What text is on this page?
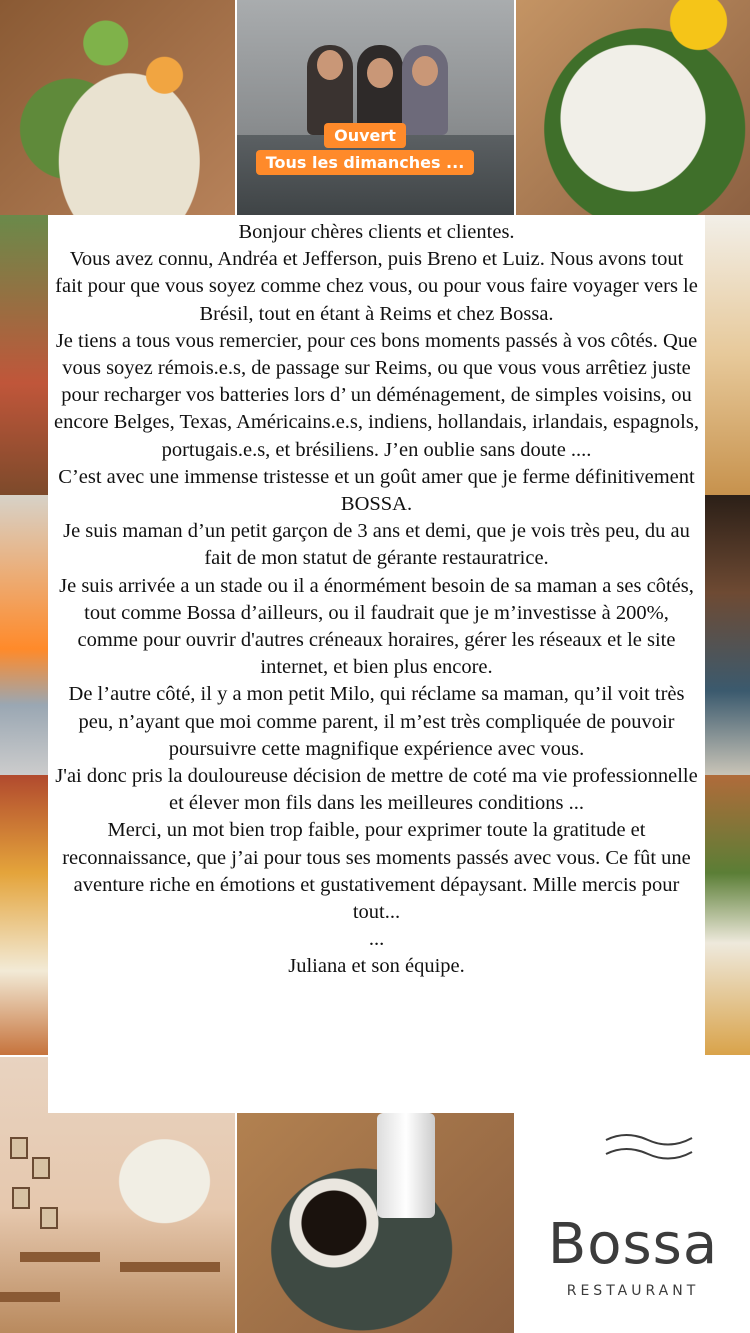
Ouvert
Tous les dimanches ...
Bossa
RESTAURANT

Bonjour chères clients et clientes.

Vous avez connu, Andréa et Jefferson, puis Breno et Luiz. Nous avons tout fait pour que vous soyez comme chez vous, ou pour vous faire voyager vers le Brésil, tout en étant à Reims et chez Bossa.

Je tiens a tous vous remercier, pour ces bons moments passés à vos côtés. Que vous soyez rémois.e.s, de passage sur Reims, ou que vous vous arrêtiez juste pour recharger vos batteries lors d’ un déménagement, de simples voisins, ou encore Belges, Texas, Américains.e.s, indiens, hollandais, irlandais, espagnols, portugais.e.s, et brésiliens. J’en oublie sans doute ....

C’est avec une immense tristesse et un goût amer que je ferme définitivement BOSSA.

Je suis maman d’un petit garçon de 3 ans et demi, que je vois très peu, du au fait de mon statut de gérante restauratrice.

Je suis arrivée a un stade ou il a énormément besoin de sa maman a ses côtés, tout comme Bossa d’ailleurs, ou il faudrait que je m’investisse à 200%, comme pour ouvrir d'autres créneaux horaires, gérer les réseaux et le site internet, et bien plus encore.

De l’autre côté, il y a mon petit Milo, qui réclame sa maman, qu’il voit très peu, n’ayant que moi comme parent, il m’est très compliquée de pouvoir poursuivre cette magnifique expérience avec vous.

J'ai donc pris la douloureuse décision de mettre de coté ma vie professionnelle et élever mon fils dans les meilleures conditions ...

Merci, un mot bien trop faible, pour exprimer toute la gratitude et reconnaissance, que j’ai pour tous ses moments passés avec vous. Ce fût une aventure riche en émotions et gustativement dépaysant. Mille mercis pour tout...

...

Juliana et son équipe.
